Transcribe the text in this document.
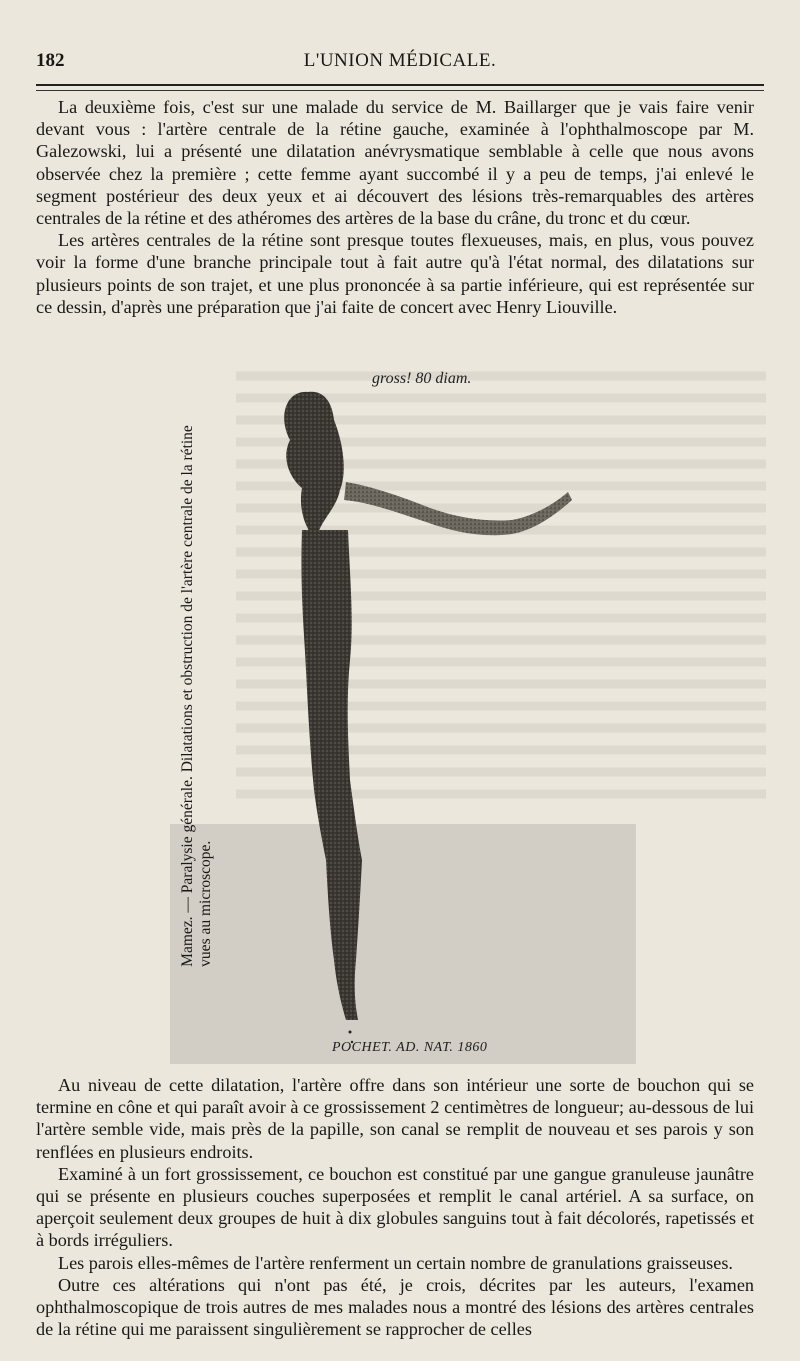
182	L'UNION MÉDICALE.

La deuxième fois, c'est sur une malade du service de M. Baillarger que je vais faire venir devant vous : l'artère centrale de la rétine gauche, examinée à l'ophthalmoscope par M. Galezowski, lui a présenté une dilatation anévrysmatique semblable à celle que nous avons observée chez la première ; cette femme ayant succombé il y a peu de temps, j'ai enlevé le segment postérieur des deux yeux et ai découvert des lésions très-remarquables des artères centrales de la rétine et des athéromes des artères de la base du crâne, du tronc et du cœur.

Les artères centrales de la rétine sont presque toutes flexueuses, mais, en plus, vous pouvez voir la forme d'une branche principale tout à fait autre qu'à l'état normal, des dilatations sur plusieurs points de son trajet, et une plus prononcée à sa partie inférieure, qui est représentée sur ce dessin, d'après une préparation que j'ai faite de concert avec Henry Liouville.

Mamez. — Paralysie générale. Dilatations et obstruction de l'artère centrale de la rétine vues au microscope.
gross! 80 diam.
POCHET. AD. NAT. 1860

Au niveau de cette dilatation, l'artère offre dans son intérieur une sorte de bouchon qui se termine en cône et qui paraît avoir à ce grossissement 2 centimètres de longueur; au-dessous de lui l'artère semble vide, mais près de la papille, son canal se remplit de nouveau et ses parois y son renflées en plusieurs endroits.

Examiné à un fort grossissement, ce bouchon est constitué par une gangue granuleuse jaunâtre qui se présente en plusieurs couches superposées et remplit le canal artériel. A sa surface, on aperçoit seulement deux groupes de huit à dix globules sanguins tout à fait décolorés, rapetissés et à bords irréguliers.

Les parois elles-mêmes de l'artère renferment un certain nombre de granulations graisseuses.

Outre ces altérations qui n'ont pas été, je crois, décrites par les auteurs, l'examen ophthalmoscopique de trois autres de mes malades nous a montré des lésions des artères centrales de la rétine qui me paraissent singulièrement se rapprocher de celles
